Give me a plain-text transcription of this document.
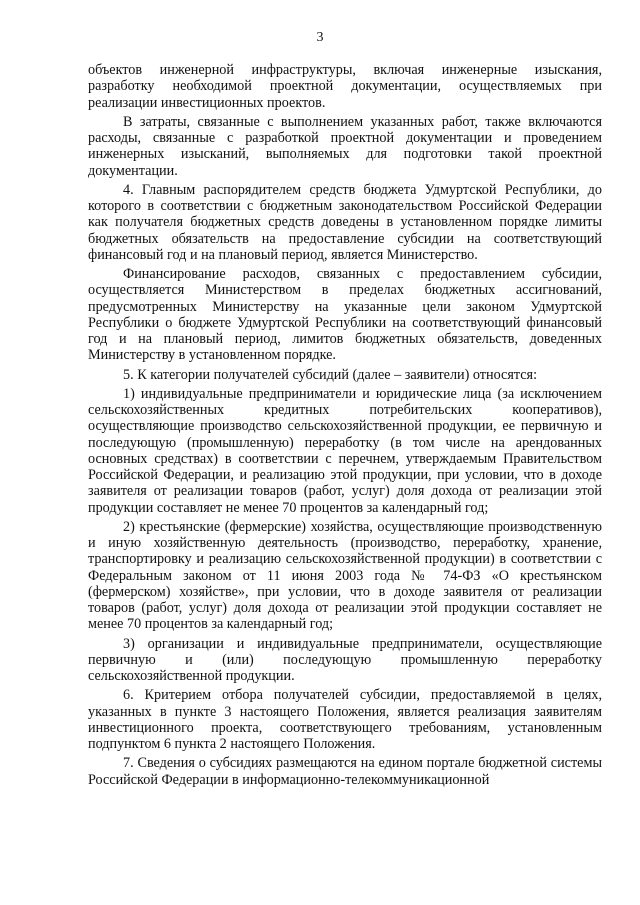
3

объектов инженерной инфраструктуры, включая инженерные изыскания, разработку необходимой проектной документации, осуществляемых при реализации инвестиционных проектов.

В затраты, связанные с выполнением указанных работ, также включаются расходы, связанные с разработкой проектной документации и проведением инженерных изысканий, выполняемых для подготовки такой проектной документации.

4. Главным распорядителем средств бюджета Удмуртской Республики, до которого в соответствии с бюджетным законодательством Российской Федерации как получателя бюджетных средств доведены в установленном порядке лимиты бюджетных обязательств на предоставление субсидии на соответствующий финансовый год и на плановый период, является Министерство.

Финансирование расходов, связанных с предоставлением субсидии, осуществляется Министерством в пределах бюджетных ассигнований, предусмотренных Министерству на указанные цели законом Удмуртской Республики о бюджете Удмуртской Республики на соответствующий финансовый год и на плановый период, лимитов бюджетных обязательств, доведенных Министерству в установленном порядке.

5. К категории получателей субсидий (далее – заявители) относятся:

1) индивидуальные предприниматели и юридические лица (за исключением сельскохозяйственных кредитных потребительских кооперативов), осуществляющие производство сельскохозяйственной продукции, ее первичную и последующую (промышленную) переработку (в том числе на арендованных основных средствах) в соответствии с перечнем, утверждаемым Правительством Российской Федерации, и реализацию этой продукции, при условии, что в доходе заявителя от реализации товаров (работ, услуг) доля дохода от реализации этой продукции составляет не менее 70 процентов за календарный год;

2) крестьянские (фермерские) хозяйства, осуществляющие производственную и иную хозяйственную деятельность (производство, переработку, хранение, транспортировку и реализацию сельскохозяйственной продукции) в соответствии с Федеральным законом от 11 июня 2003 года № 74-ФЗ «О крестьянском (фермерском) хозяйстве», при условии, что в доходе заявителя от реализации товаров (работ, услуг) доля дохода от реализации этой продукции составляет не менее 70 процентов за календарный год;

3) организации и индивидуальные предприниматели, осуществляющие первичную и (или) последующую промышленную переработку сельскохозяйственной продукции.

6. Критерием отбора получателей субсидии, предоставляемой в целях, указанных в пункте 3 настоящего Положения, является реализация заявителям инвестиционного проекта, соответствующего требованиям, установленным подпунктом 6 пункта 2 настоящего Положения.

7. Сведения о субсидиях размещаются на едином портале бюджетной системы Российской Федерации в информационно-телекоммуникационной
